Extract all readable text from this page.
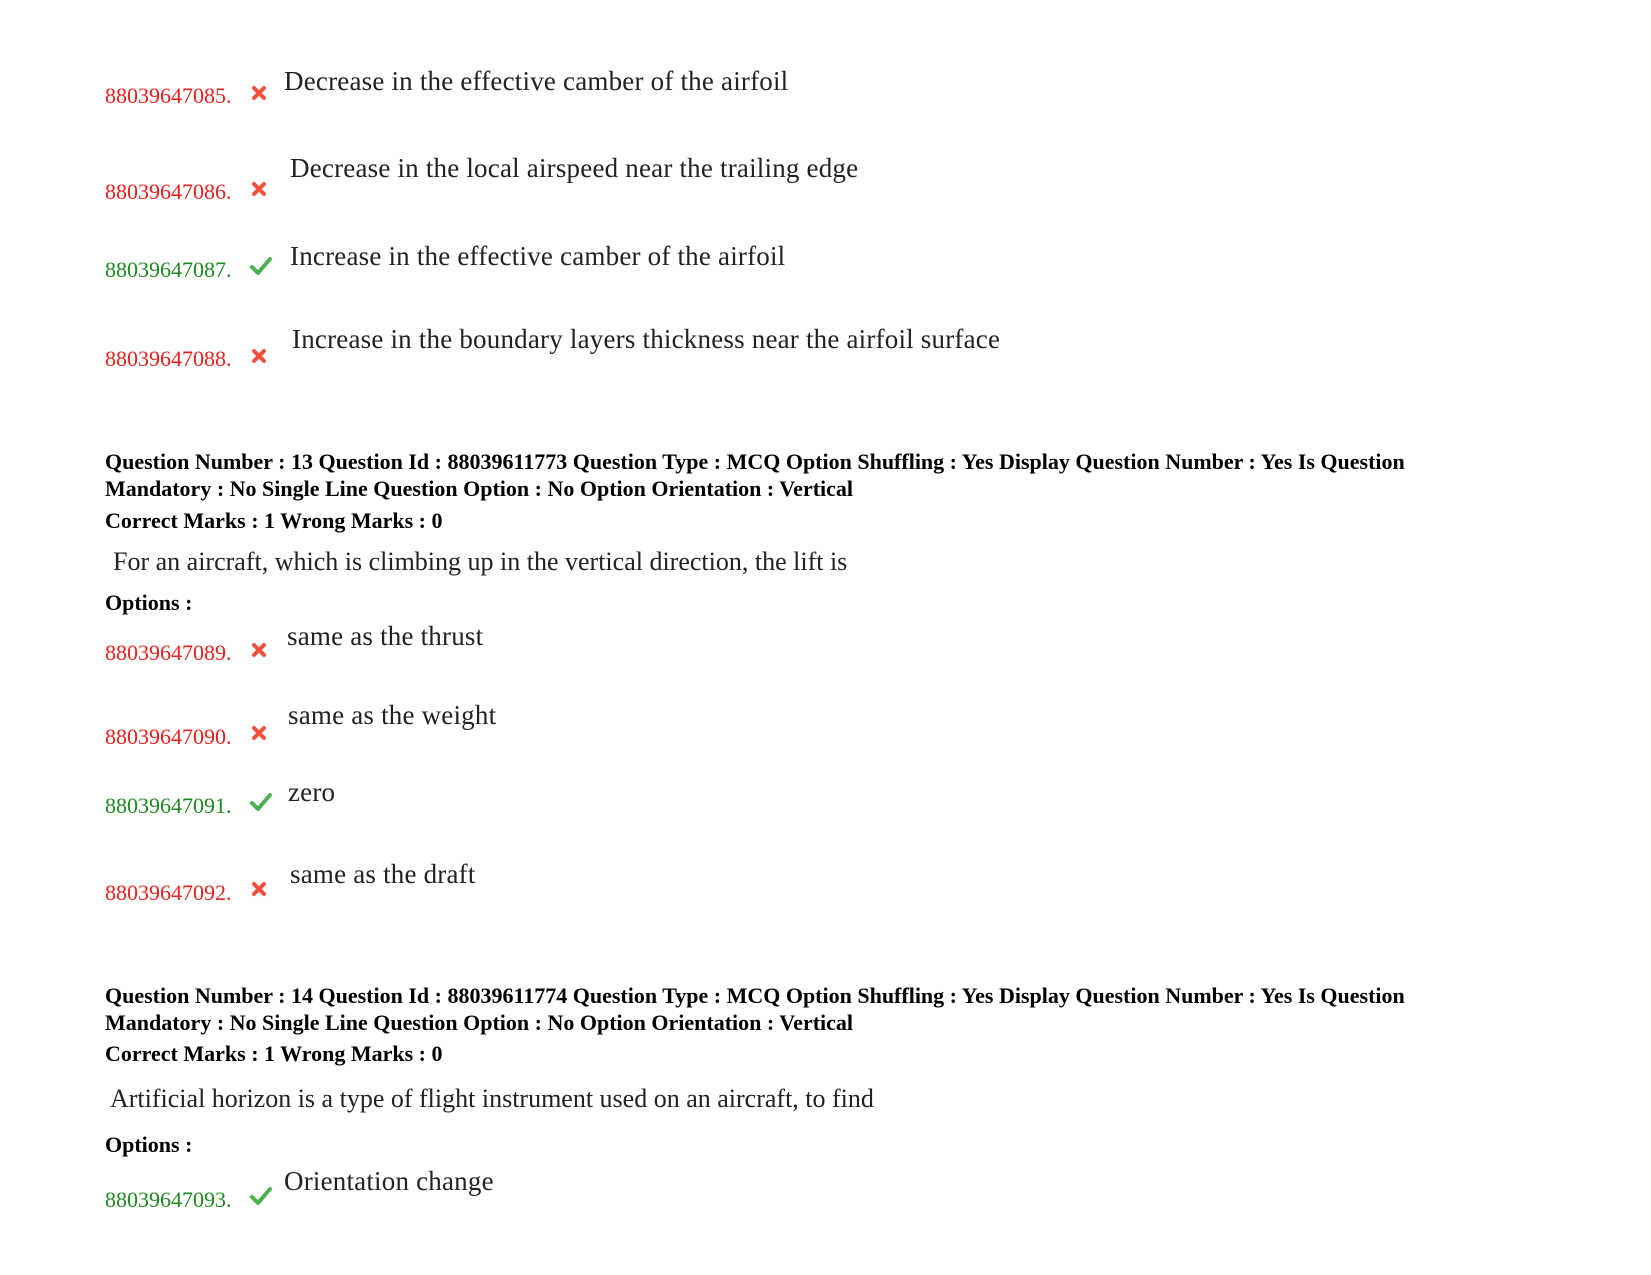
88039647085. Decrease in the effective camber of the airfoil
88039647086.
Decrease in the local airspeed near the trailing edge
88039647087. Increase in the effective camber of the airfoil
88039647088.
Increase in the boundary layers thickness near the airfoil surface
Question Number : 13 Question Id : 88039611773 Question Type : MCQ Option Shuffling : Yes Display Question Number : Yes Is Question
Mandatory : No Single Line Question Option : No Option Orientation : Vertical
Correct Marks : 1 Wrong Marks : 0
For an aircraft, which is climbing up in the vertical direction, the lift is
Options :
88039647089.
same as the thrust
88039647090.
same as the weight
88039647091. zero
88039647092.
same as the draft
Question Number : 14 Question Id : 88039611774 Question Type : MCQ Option Shuffling : Yes Display Question Number : Yes Is Question
Mandatory : No Single Line Question Option : No Option Orientation : Vertical
Correct Marks : 1 Wrong Marks : 0
Artificial horizon is a type of flight instrument used on an aircraft, to find
Options :
88039647093.
Orientation change
